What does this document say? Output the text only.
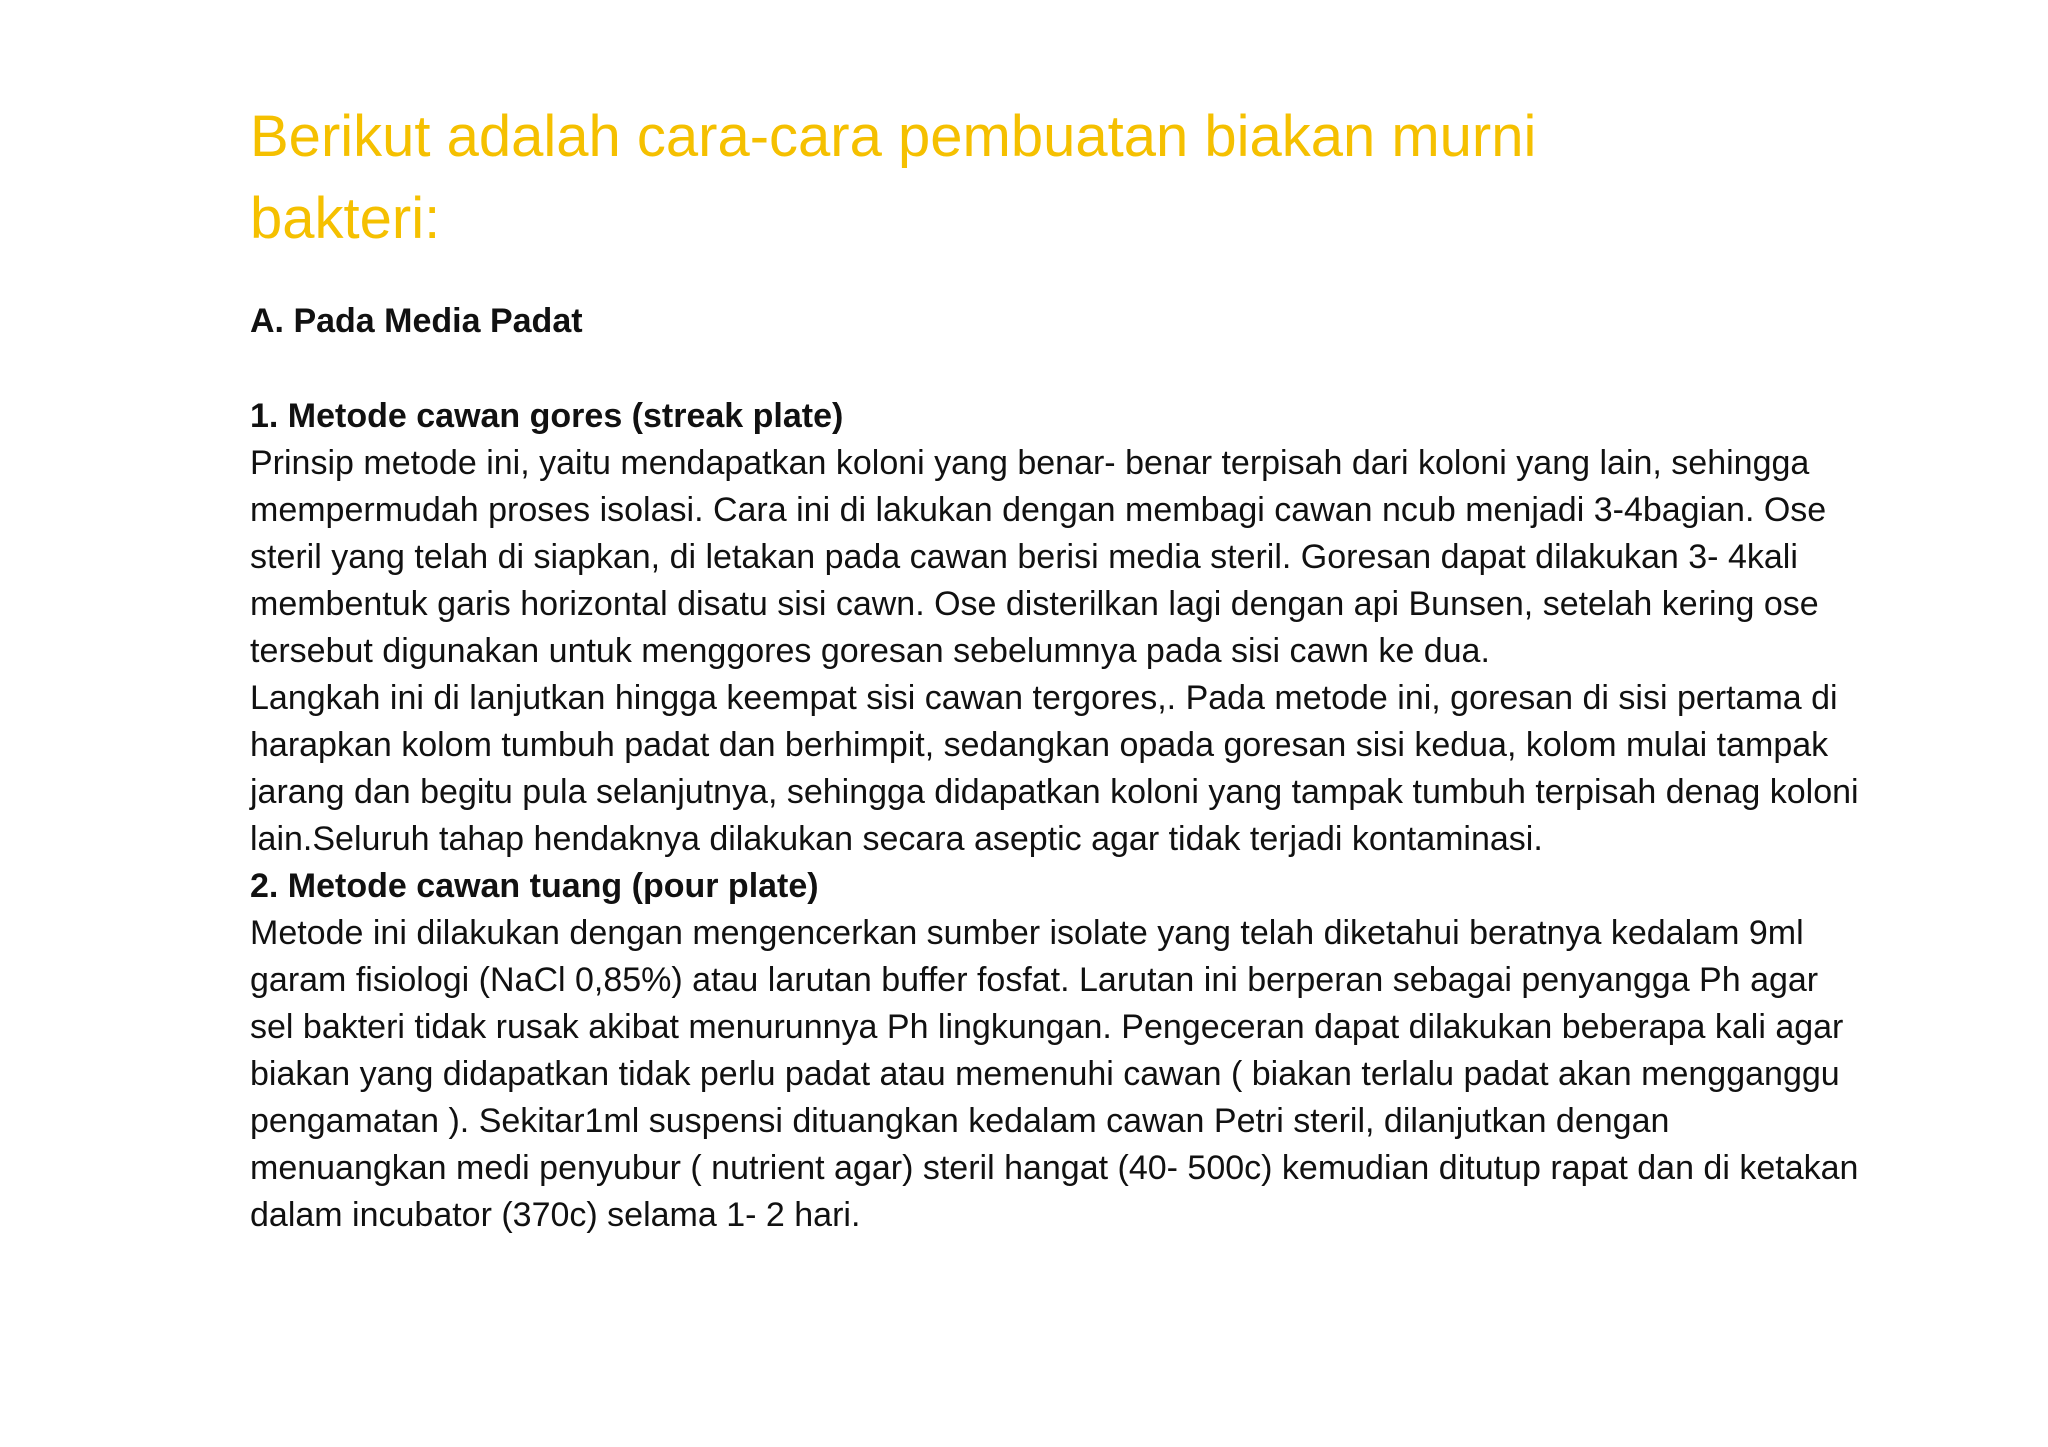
Berikut adalah cara-cara pembuatan biakan murni
bakteri:
A. Pada Media Padat

1. Metode cawan gores (streak plate)

Prinsip metode ini, yaitu mendapatkan koloni yang benar- benar terpisah dari koloni yang lain, sehingga mempermudah proses isolasi. Cara ini di lakukan dengan membagi cawan ncub menjadi 3-4bagian. Ose steril yang telah di siapkan, di letakan pada cawan berisi media steril. Goresan dapat dilakukan 3- 4kali membentuk garis horizontal disatu sisi cawn. Ose disterilkan lagi dengan api Bunsen, setelah kering ose tersebut digunakan untuk menggores goresan sebelumnya pada sisi cawn ke dua.

Langkah ini di lanjutkan hingga keempat sisi cawan tergores,. Pada metode ini, goresan di sisi pertama di harapkan kolom tumbuh padat dan berhimpit, sedangkan opada goresan sisi kedua, kolom mulai tampak jarang dan begitu pula selanjutnya, sehingga didapatkan koloni yang tampak tumbuh terpisah denag koloni lain.Seluruh tahap hendaknya dilakukan secara aseptic agar tidak terjadi kontaminasi.

2. Metode cawan tuang (pour plate)

Metode ini dilakukan dengan mengencerkan sumber isolate yang telah diketahui beratnya kedalam 9ml garam fisiologi (NaCl 0,85%) atau larutan buffer fosfat. Larutan ini berperan sebagai penyangga Ph agar sel bakteri tidak rusak akibat menurunnya Ph lingkungan. Pengeceran dapat dilakukan beberapa kali agar biakan yang didapatkan tidak perlu padat atau memenuhi cawan ( biakan terlalu padat akan mengganggu pengamatan ). Sekitar1ml suspensi dituangkan kedalam cawan Petri steril, dilanjutkan dengan menuangkan medi penyubur ( nutrient agar) steril hangat (40- 500c) kemudian ditutup rapat dan di ketakan dalam incubator (370c) selama 1- 2 hari.
